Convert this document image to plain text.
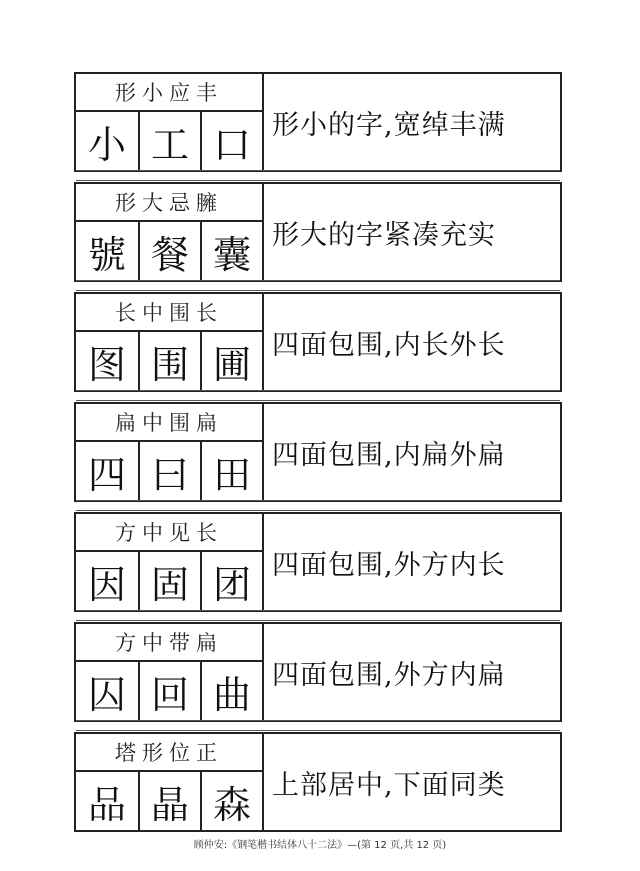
形小应丰
小 工 口 形小的字,宽绰丰满
形大忌臃
號 餐 囊 形大的字紧凑充实
长中围长
图 围 圃 四面包围,内长外长
扁中围扁
四 曰 田 四面包围,内扁外扁
方中见长
因 固 团 四面包围,外方内长
方中带扁
囚 回 曲 四面包围,外方内扁
塔形位正
品 晶 森 上部居中,下面同类
顾仲安:《钢笔楷书结体八十二法》—(第 12 页,共 12 页)
